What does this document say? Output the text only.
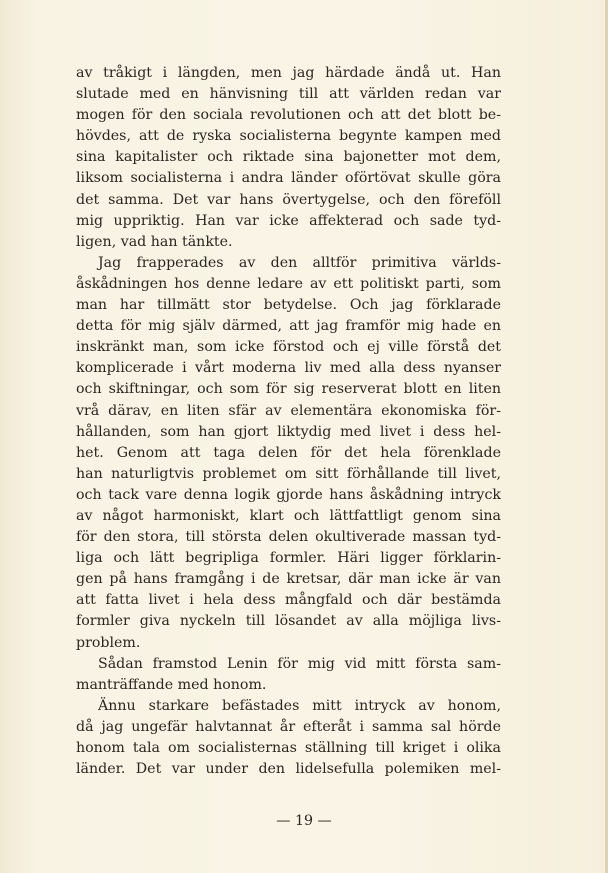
av tråkigt i längden, men jag härdade ändå ut. Han
slutade med en hänvisning till att världen redan var
mogen för den sociala revolutionen och att det blott be-
hövdes, att de ryska socialisterna begynte kampen med
sina kapitalister och riktade sina bajonetter mot dem,
liksom socialisterna i andra länder oförtövat skulle göra
det samma. Det var hans övertygelse, och den föreföll
mig uppriktig. Han var icke affekterad och sade tyd-
ligen, vad han tänkte.
Jag frapperades av den alltför primitiva världs-
åskådningen hos denne ledare av ett politiskt parti, som
man har tillmätt stor betydelse. Och jag förklarade
detta för mig själv därmed, att jag framför mig hade en
inskränkt man, som icke förstod och ej ville förstå det
komplicerade i vårt moderna liv med alla dess nyanser
och skiftningar, och som för sig reserverat blott en liten
vrå därav, en liten sfär av elementära ekonomiska för-
hållanden, som han gjort liktydig med livet i dess hel-
het. Genom att taga delen för det hela förenklade
han naturligtvis problemet om sitt förhållande till livet,
och tack vare denna logik gjorde hans åskådning intryck
av något harmoniskt, klart och lättfattligt genom sina
för den stora, till största delen okultiverade massan tyd-
liga och lätt begripliga formler. Häri ligger förklarin-
gen på hans framgång i de kretsar, där man icke är van
att fatta livet i hela dess mångfald och där bestämda
formler giva nyckeln till lösandet av alla möjliga livs-
problem.
Sådan framstod Lenin för mig vid mitt första sam-
manträffande med honom.
Ännu starkare befästades mitt intryck av honom,
då jag ungefär halvtannat år efteråt i samma sal hörde
honom tala om socialisternas ställning till kriget i olika
länder. Det var under den lidelsefulla polemiken mel-
— 19 —
